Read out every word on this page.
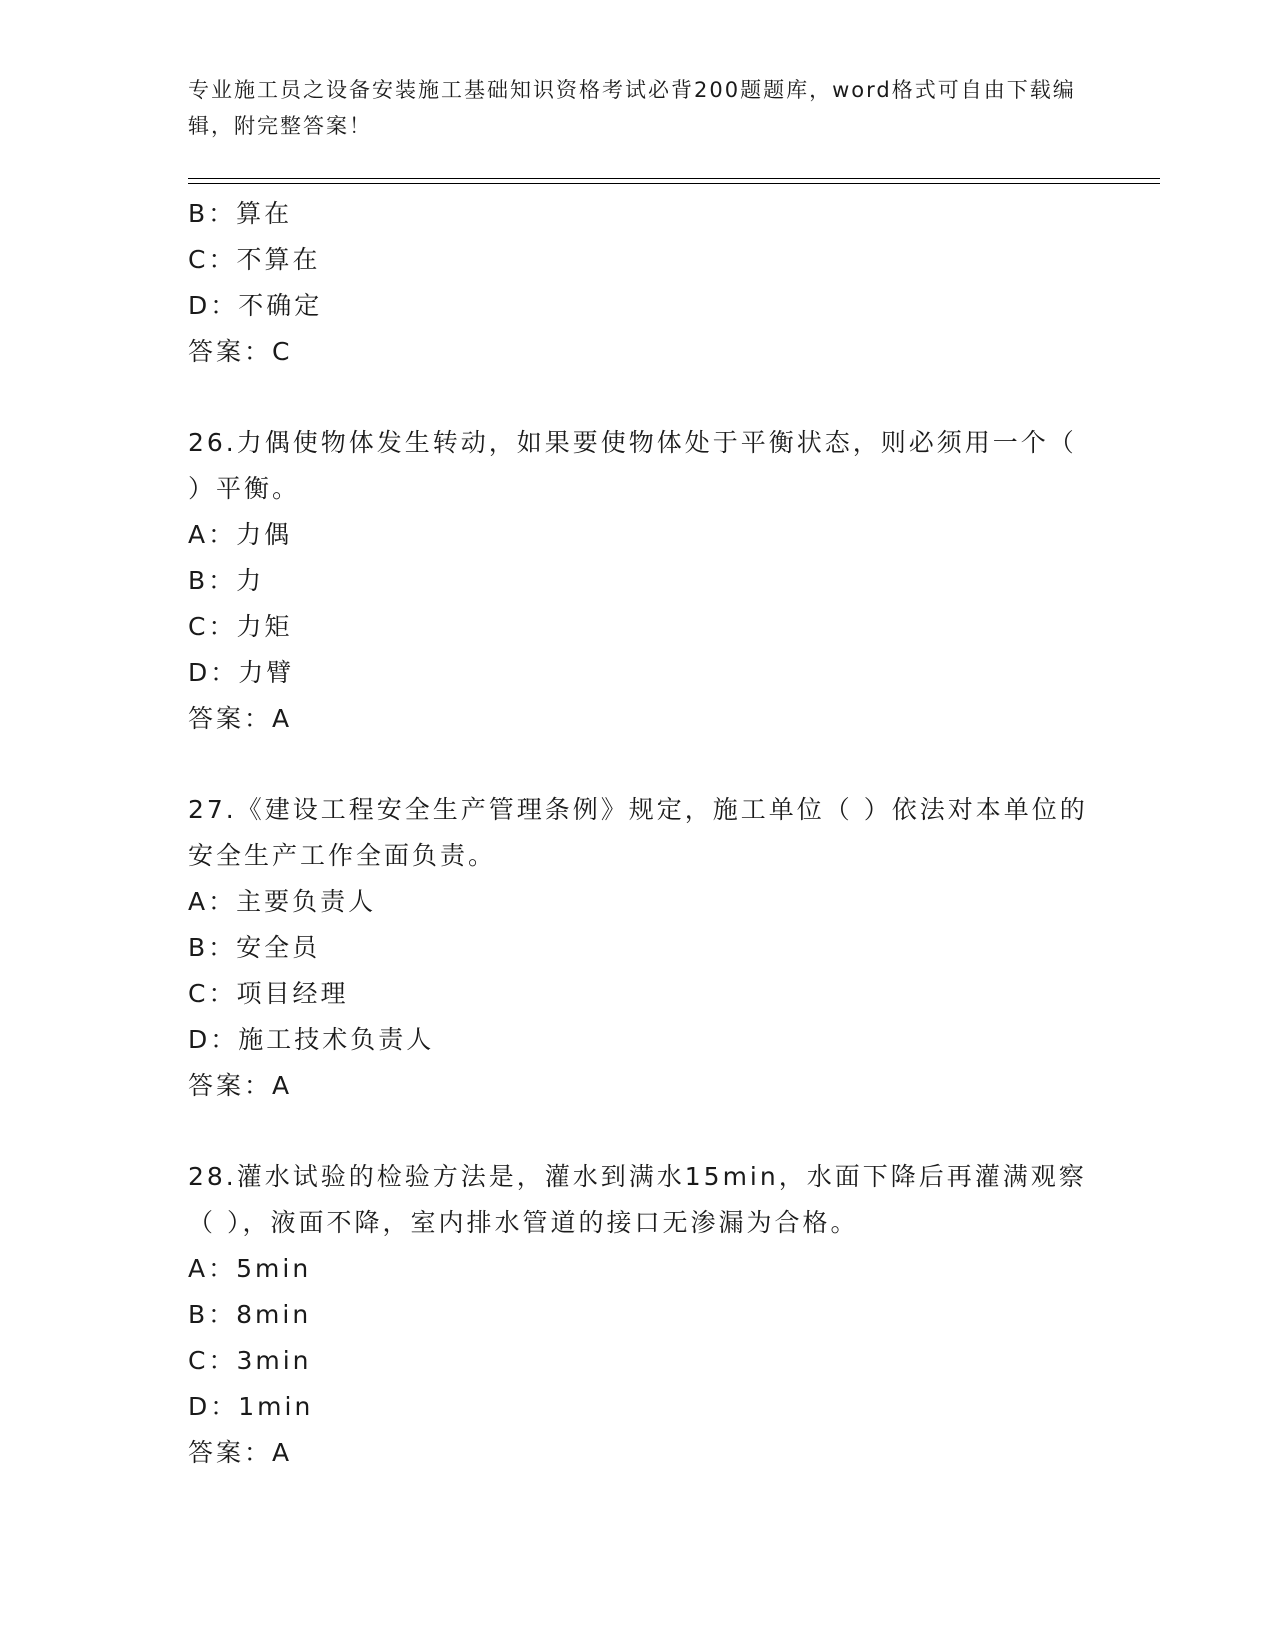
专业施工员之设备安装施工基础知识资格考试必背200题题库，word格式可自由下载编辑，附完整答案！
B：算在
C：不算在
D：不确定
答案：C
26.力偶使物体发生转动，如果要使物体处于平衡状态，则必须用一个（ ）平衡。
A：力偶
B：力
C：力矩
D：力臂
答案：A
27.《建设工程安全生产管理条例》规定，施工单位（ ）依法对本单位的安全生产工作全面负责。
A：主要负责人
B：安全员
C：项目经理
D：施工技术负责人
答案：A
28.灌水试验的检验方法是，灌水到满水15min，水面下降后再灌满观察（ ），液面不降，室内排水管道的接口无渗漏为合格。
A：5min
B：8min
C：3min
D：1min
答案：A
